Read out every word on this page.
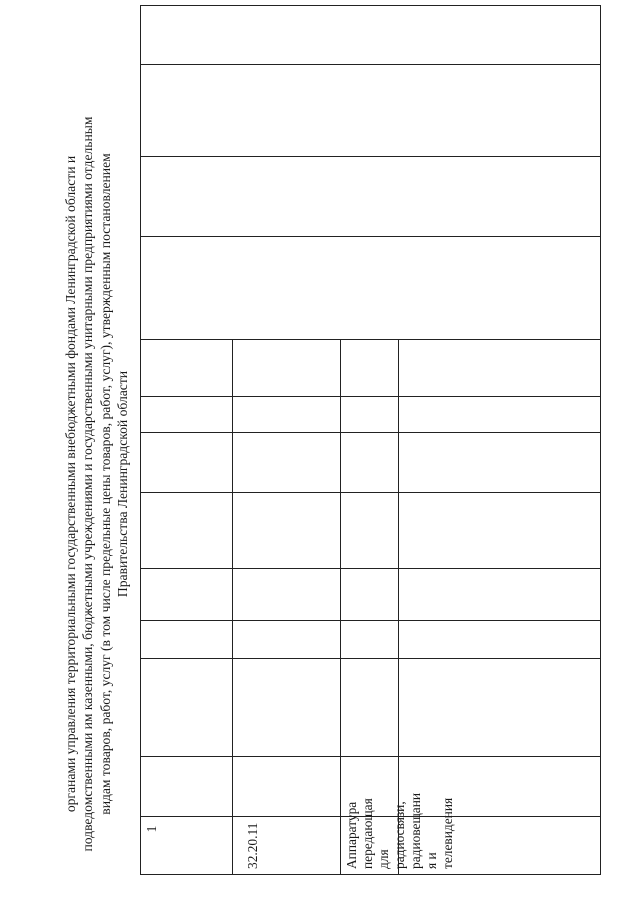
органами управления территориальными государственными внебюджетными фондами Ленинградской области и подведомственными им казенными, бюджетными учреждениями и государственными унитарными предприятиями отдельным видам товаров, работ, услуг (в том числе предельные цены товаров, работ, услуг), утвержденным постановлением Правительства Ленинградской области
1	32.20.11	Аппаратура
передающая
для
радиосвязи,
радиовещани
я и
телевидения
